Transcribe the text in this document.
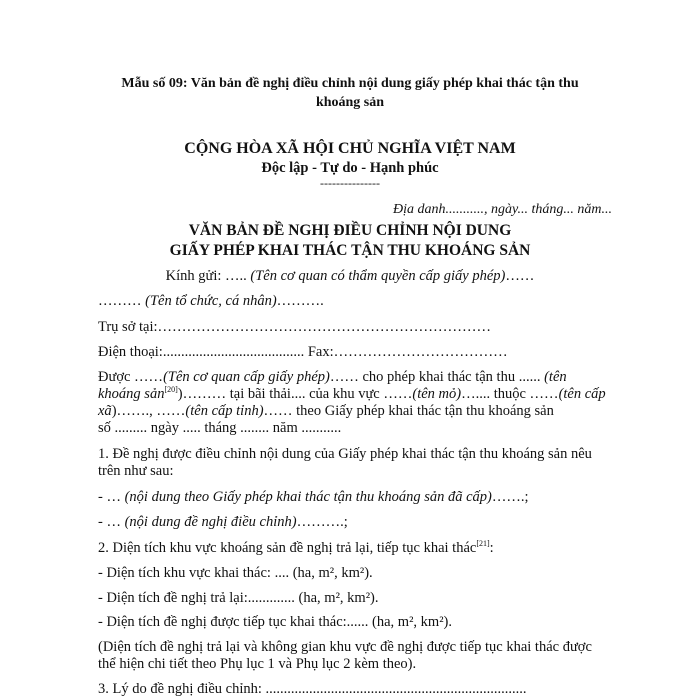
Mẫu số 09: Văn bản đề nghị điều chỉnh nội dung giấy phép khai thác tận thu
khoáng sản
CỘNG HÒA XÃ HỘI CHỦ NGHĨA VIỆT NAM
Độc lập - Tự do - Hạnh phúc
---------------
Địa danh..........., ngày... tháng... năm...
VĂN BẢN ĐỀ NGHỊ ĐIỀU CHỈNH NỘI DUNG
GIẤY PHÉP KHAI THÁC TẬN THU KHOÁNG SẢN
Kính gửi: ….. (Tên cơ quan có thẩm quyền cấp giấy phép)……
……… (Tên tổ chức, cá nhân)……….
Trụ sở tại:……………………………………………………………
Điện thoại:....................................... Fax:………………………………
Được ……(Tên cơ quan cấp giấy phép)…… cho phép khai thác tận thu ...... (tên
khoáng sản[20])……… tại bãi thải.... của khu vực ……(tên mỏ)….... thuộc ……(tên cấp
xã)……., ……(tên cấp tỉnh)…… theo Giấy phép khai thác tận thu khoáng sản
số ......... ngày ..... tháng ........ năm ...........
1. Đề nghị được điều chỉnh nội dung của Giấy phép khai thác tận thu khoáng sản nêu
trên như sau:
- … (nội dung theo Giấy phép khai thác tận thu khoáng sản đã cấp)…….;
- … (nội dung đề nghị điều chỉnh)……….;
2. Diện tích khu vực khoáng sản đề nghị trả lại, tiếp tục khai thác[21]:
- Diện tích khu vực khai thác: .... (ha, m², km²).
- Diện tích đề nghị trả lại:............. (ha, m², km²).
- Diện tích đề nghị được tiếp tục khai thác:...... (ha, m², km²).
(Diện tích đề nghị trả lại và không gian khu vực đề nghị được tiếp tục khai thác được
thể hiện chi tiết theo Phụ lục 1 và Phụ lục 2 kèm theo).
3. Lý do đề nghị điều chỉnh: ........................................................................
